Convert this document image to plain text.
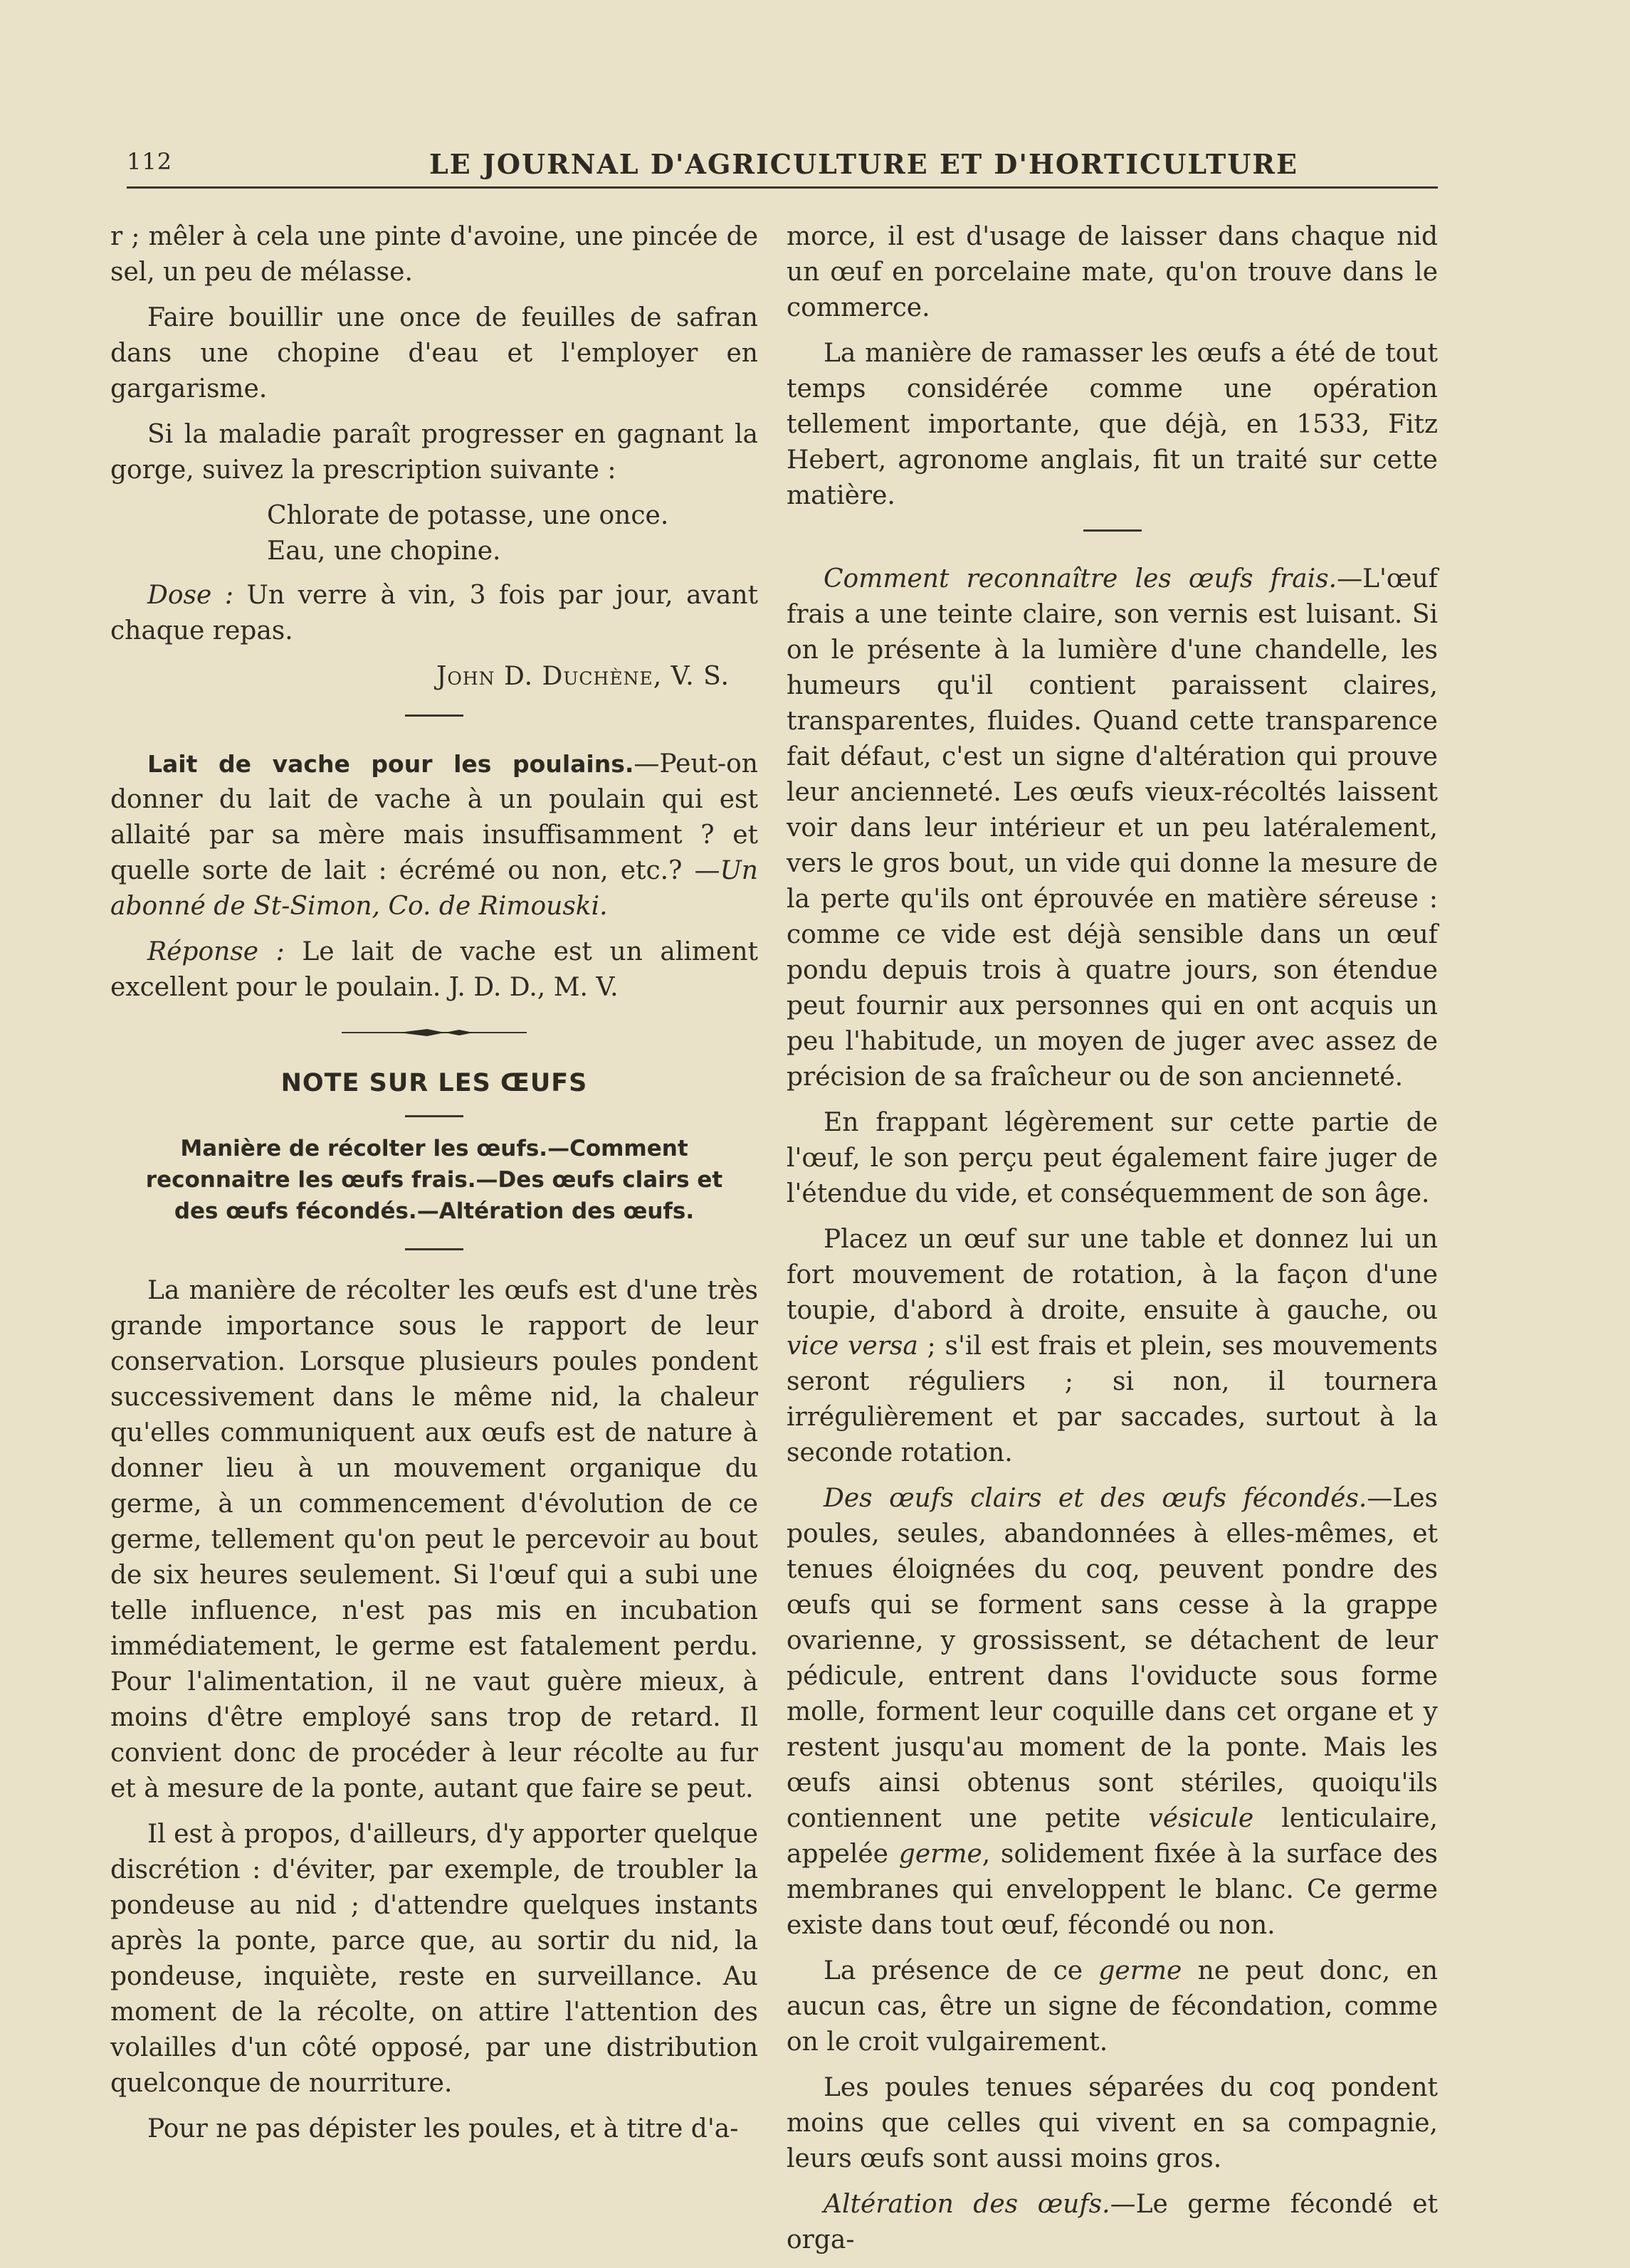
112	LE JOURNAL D'AGRICULTURE ET D'HORTICULTURE

r ; mêler à cela une pinte d'avoine, une pincée de sel, un peu de mélasse.

Faire bouillir une once de feuilles de safran dans une chopine d'eau et l'employer en gargarisme.

Si la maladie paraît progresser en gagnant la gorge, suivez la prescription suivante :

Chlorate de potasse, une once.
Eau, une chopine.

Dose : Un verre à vin, 3 fois par jour, avant chaque repas.

John D. Duchène, V. S.

Lait de vache pour les poulains.—Peut-on donner du lait de vache à un poulain qui est allaité par sa mère mais insuffisamment ? et quelle sorte de lait : écrémé ou non, etc.? —Un abonné de St-Simon, Co. de Rimouski.

Réponse : Le lait de vache est un aliment excellent pour le poulain. J. D. D., M. V.

NOTE SUR LES ŒUFS

Manière de récolter les œufs.—Comment reconnaitre les œufs frais.—Des œufs clairs et des œufs fécondés.—Altération des œufs.

La manière de récolter les œufs est d'une très grande importance sous le rapport de leur conservation. Lorsque plusieurs poules pondent successivement dans le même nid, la chaleur qu'elles communiquent aux œufs est de nature à donner lieu à un mouvement organique du germe, à un commencement d'évolution de ce germe, tellement qu'on peut le percevoir au bout de six heures seulement. Si l'œuf qui a subi une telle influence, n'est pas mis en incubation immédiatement, le germe est fatalement perdu. Pour l'alimentation, il ne vaut guère mieux, à moins d'être employé sans trop de retard. Il convient donc de procéder à leur récolte au fur et à mesure de la ponte, autant que faire se peut.

Il est à propos, d'ailleurs, d'y apporter quelque discrétion : d'éviter, par exemple, de troubler la pondeuse au nid ; d'attendre quelques instants après la ponte, parce que, au sortir du nid, la pondeuse, inquiète, reste en surveillance. Au moment de la récolte, on attire l'attention des volailles d'un côté opposé, par une distribution quelconque de nourriture.

Pour ne pas dépister les poules, et à titre d'a-

morce, il est d'usage de laisser dans chaque nid un œuf en porcelaine mate, qu'on trouve dans le commerce.

La manière de ramasser les œufs a été de tout temps considérée comme une opération tellement importante, que déjà, en 1533, Fitz Hebert, agronome anglais, fit un traité sur cette matière.

Comment reconnaître les œufs frais.—L'œuf frais a une teinte claire, son vernis est luisant. Si on le présente à la lumière d'une chandelle, les humeurs qu'il contient paraissent claires, transparentes, fluides. Quand cette transparence fait défaut, c'est un signe d'altération qui prouve leur ancienneté. Les œufs vieux-récoltés laissent voir dans leur intérieur et un peu latéralement, vers le gros bout, un vide qui donne la mesure de la perte qu'ils ont éprouvée en matière séreuse : comme ce vide est déjà sensible dans un œuf pondu depuis trois à quatre jours, son étendue peut fournir aux personnes qui en ont acquis un peu l'habitude, un moyen de juger avec assez de précision de sa fraîcheur ou de son ancienneté.

En frappant légèrement sur cette partie de l'œuf, le son perçu peut également faire juger de l'étendue du vide, et conséquemment de son âge.

Placez un œuf sur une table et donnez lui un fort mouvement de rotation, à la façon d'une toupie, d'abord à droite, ensuite à gauche, ou vice versa ; s'il est frais et plein, ses mouvements seront réguliers ; si non, il tournera irrégulièrement et par saccades, surtout à la seconde rotation.

Des œufs clairs et des œufs fécondés.—Les poules, seules, abandonnées à elles-mêmes, et tenues éloignées du coq, peuvent pondre des œufs qui se forment sans cesse à la grappe ovarienne, y grossissent, se détachent de leur pédicule, entrent dans l'oviducte sous forme molle, forment leur coquille dans cet organe et y restent jusqu'au moment de la ponte. Mais les œufs ainsi obtenus sont stériles, quoiqu'ils contiennent une petite vésicule lenticulaire, appelée germe, solidement fixée à la surface des membranes qui enveloppent le blanc. Ce germe existe dans tout œuf, fécondé ou non.

La présence de ce germe ne peut donc, en aucun cas, être un signe de fécondation, comme on le croit vulgairement.

Les poules tenues séparées du coq pondent moins que celles qui vivent en sa compagnie, leurs œufs sont aussi moins gros.

Altération des œufs.—Le germe fécondé et orga-
